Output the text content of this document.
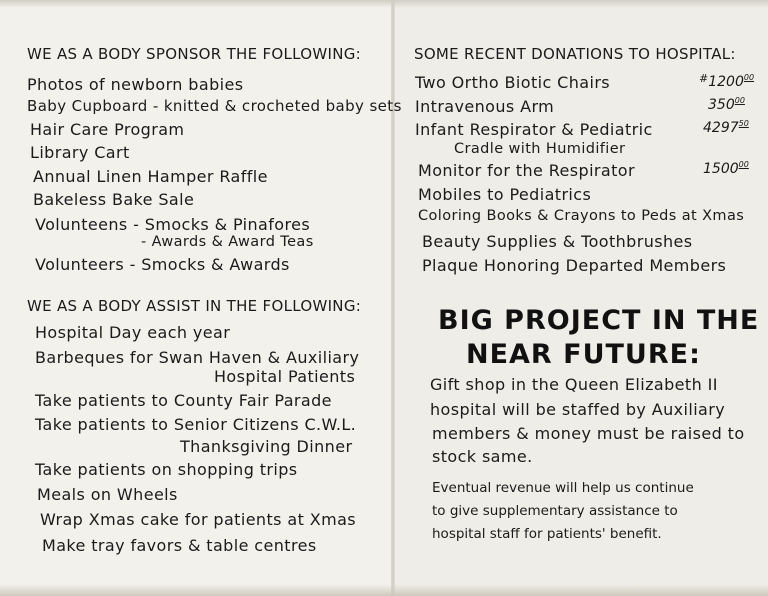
WE AS A BODY SPONSOR THE FOLLOWING:
Photos of newborn babies
Baby Cupboard - knitted & crocheted baby sets
Hair Care Program
Library Cart
Annual Linen Hamper Raffle
Bakeless Bake Sale
Volunteens - Smocks & Pinafores
- Awards & Award Teas
Volunteers - Smocks & Awards
WE AS A BODY ASSIST IN THE FOLLOWING:
Hospital Day each year
Barbeques for Swan Haven & Auxiliary
Hospital Patients
Take patients to County Fair Parade
Take patients to Senior Citizens C.W.L.
Thanksgiving Dinner
Take patients on shopping trips
Meals on Wheels
Wrap Xmas cake for patients at Xmas
Make tray favors & table centres
SOME RECENT DONATIONS TO HOSPITAL:
Two Ortho Biotic Chairs	#1200$^{00}$
Intravenous Arm	$350^{00}$
Infant Respirator & Pediatric	4297$^{50}$
Cradle with Humidifier
Monitor for the Respirator	1500$^{00}$
Mobiles to Pediatrics
Coloring Books & Crayons to Peds at Xmas
Beauty Supplies & Toothbrushes
Plaque Honoring Departed Members
BIG PROJECT IN THE
NEAR FUTURE:
Gift shop in the Queen Elizabeth II
hospital will be staffed by Auxiliary
members & money must be raised to
stock same.
Eventual revenue will help us continue
to give supplementary assistance to
hospital staff for patients' benefit.
